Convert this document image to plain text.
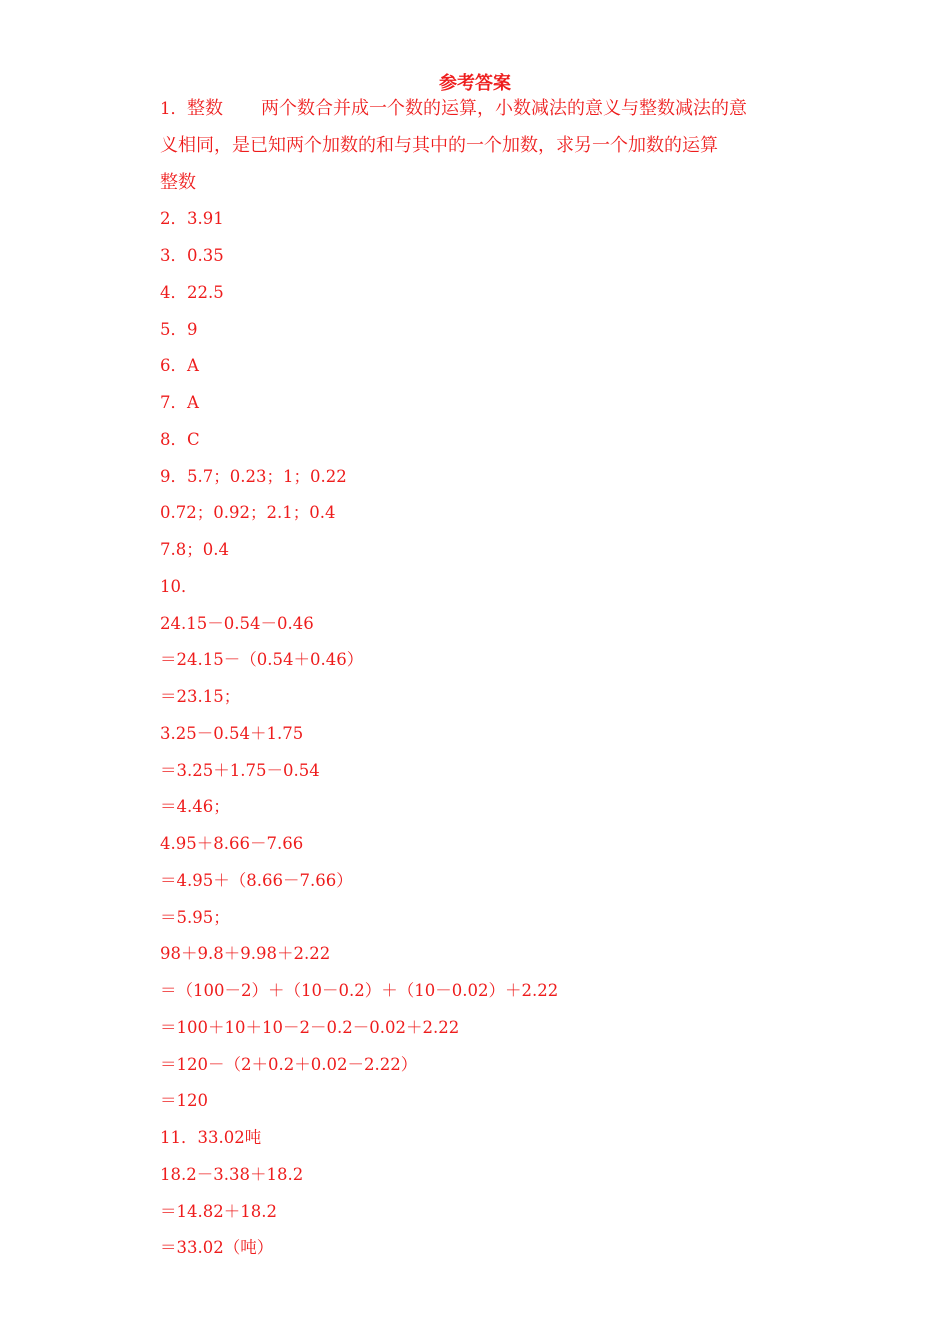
参考答案
1．整数 两个数合并成一个数的运算，小数减法的意义与整数减法的意
义相同，是已知两个加数的和与其中的一个加数，求另一个加数的运算
整数
2．3.91
3．0.35
4．22.5
5．9
6．A
7．A
8．C
9．5.7；0.23；1；0.22
0.72；0.92；2.1；0.4
7.8；0.4
10．
24.15－0.54－0.46
＝24.15－（0.54＋0.46）
＝23.15；
3.25－0.54＋1.75
＝3.25＋1.75－0.54
＝4.46；
4.95＋8.66－7.66
＝4.95＋（8.66－7.66）
＝5.95；
98＋9.8＋9.98＋2.22
＝（100－2）＋（10－0.2）＋（10－0.02）＋2.22
＝100＋10＋10－2－0.2－0.02＋2.22
＝120－（2＋0.2＋0.02－2.22）
＝120
11．33.02吨
18.2－3.38＋18.2
＝14.82＋18.2
＝33.02（吨）
